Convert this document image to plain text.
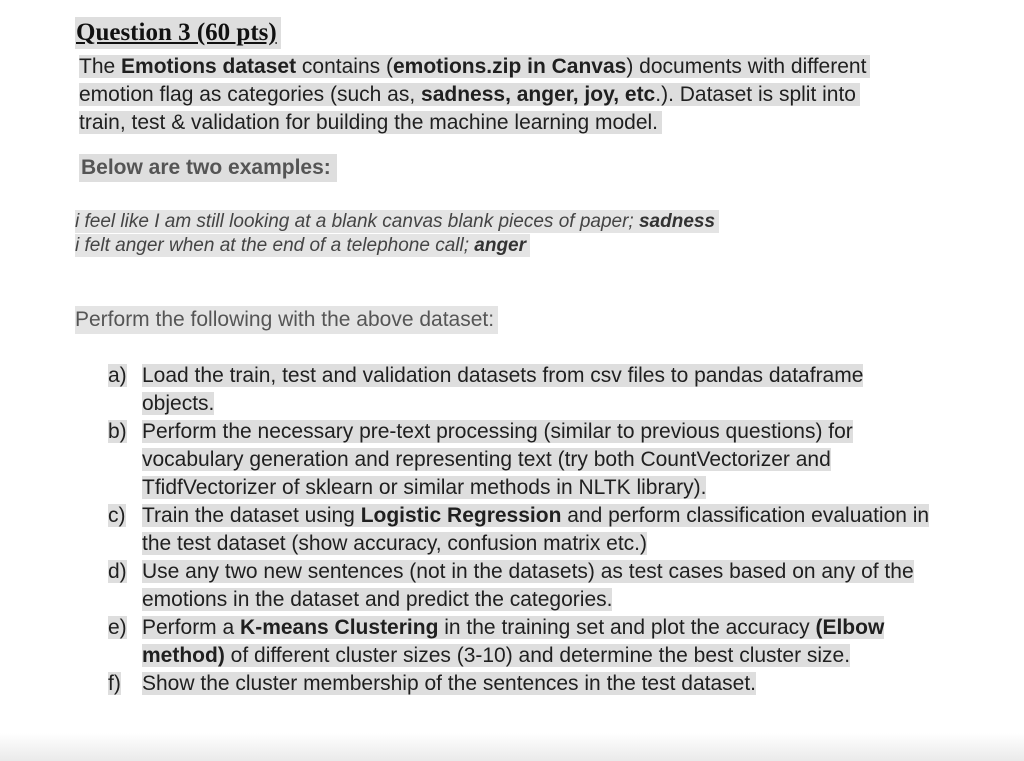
Question 3 (60 pts)
The Emotions dataset contains (emotions.zip in Canvas) documents with different
emotion flag as categories (such as, sadness, anger, joy, etc.). Dataset is split into
train, test & validation for building the machine learning model.
Below are two examples:
i feel like I am still looking at a blank canvas blank pieces of paper; sadness
i felt anger when at the end of a telephone call; anger
Perform the following with the above dataset:
a) Load the train, test and validation datasets from csv files to pandas dataframe objects.
b) Perform the necessary pre-text processing (similar to previous questions) for vocabulary generation and representing text (try both CountVectorizer and TfidfVectorizer of sklearn or similar methods in NLTK library).
c) Train the dataset using Logistic Regression and perform classification evaluation in the test dataset (show accuracy, confusion matrix etc.)
d) Use any two new sentences (not in the datasets) as test cases based on any of the emotions in the dataset and predict the categories.
e) Perform a K-means Clustering in the training set and plot the accuracy (Elbow method) of different cluster sizes (3-10) and determine the best cluster size.
f)	Show the cluster membership of the sentences in the test dataset.
